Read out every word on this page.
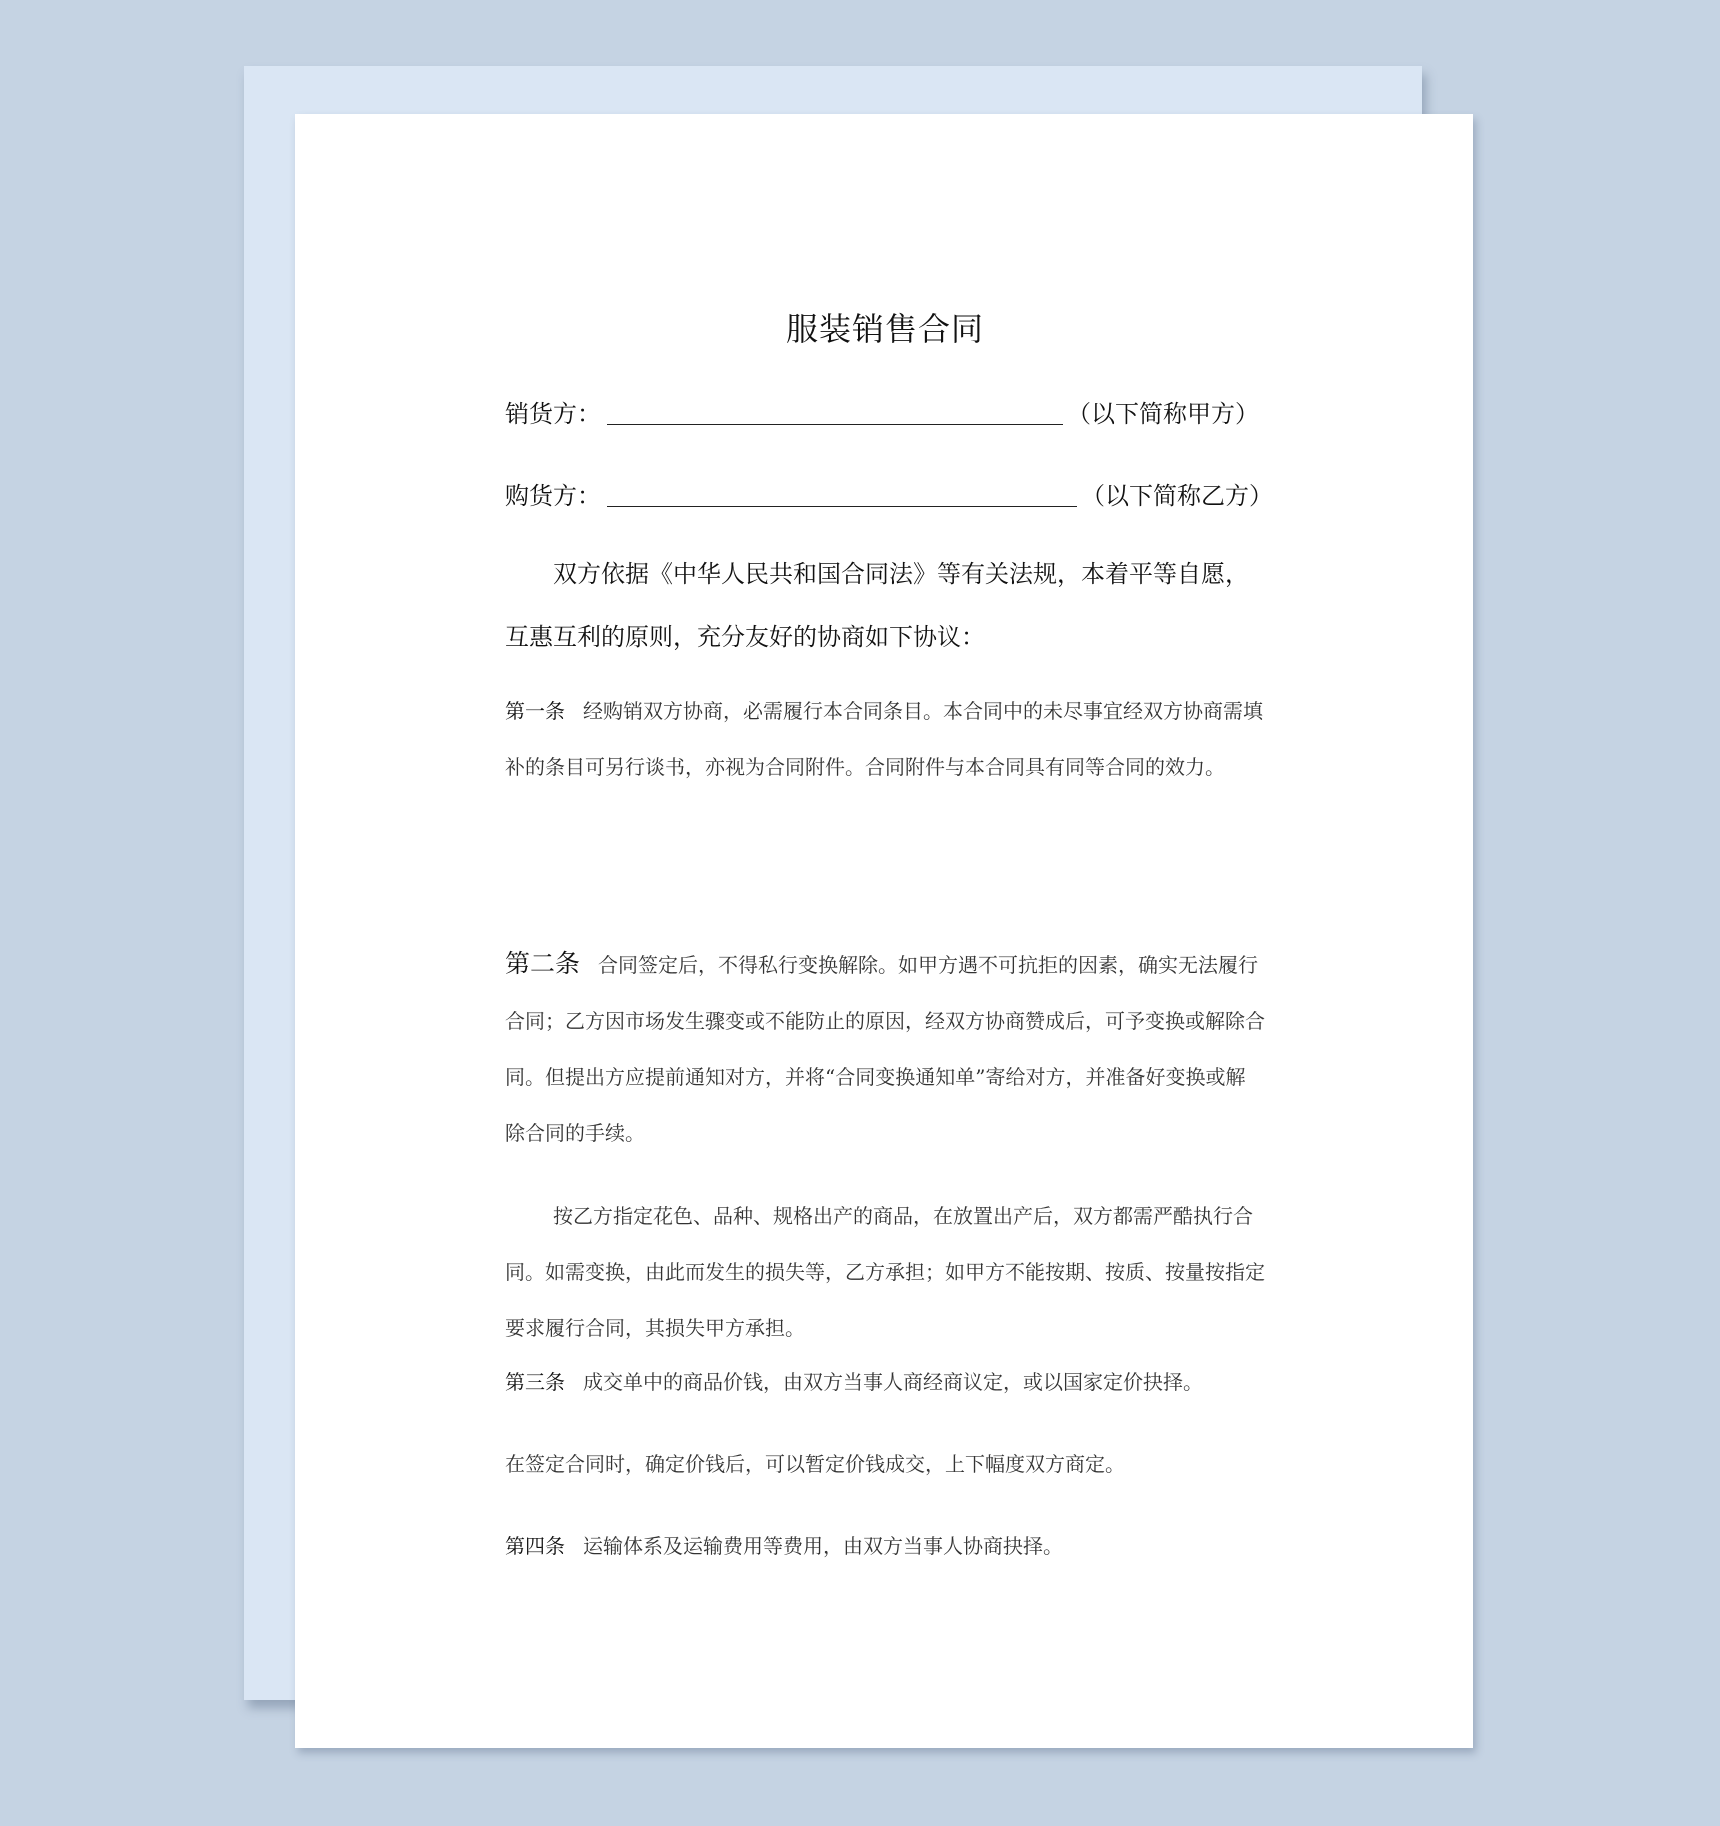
服装销售合同
销货方：	（以下简称甲方）
购货方：	（以下简称乙方）

双方依据《中华人民共和国合同法》等有关法规，本着平等自愿，互惠互利的原则，充分友好的协商如下协议：

第一条 经购销双方协商，必需履行本合同条目。本合同中的未尽事宜经双方协商需填补的条目可另行谈书，亦视为合同附件。合同附件与本合同具有同等合同的效力。

第二条 合同签定后，不得私行变换解除。如甲方遇不可抗拒的因素，确实无法履行合同；乙方因市场发生骤变或不能防止的原因，经双方协商赞成后，可予变换或解除合同。但提出方应提前通知对方，并将“合同变换通知单”寄给对方，并准备好变换或解除合同的手续。

按乙方指定花色、品种、规格出产的商品，在放置出产后，双方都需严酷执行合同。如需变换，由此而发生的损失等，乙方承担；如甲方不能按期、按质、按量按指定要求履行合同，其损失甲方承担。

第三条 成交单中的商品价钱，由双方当事人商经商议定，或以国家定价抉择。

在签定合同时，确定价钱后，可以暂定价钱成交，上下幅度双方商定。

第四条 运输体系及运输费用等费用，由双方当事人协商抉择。
